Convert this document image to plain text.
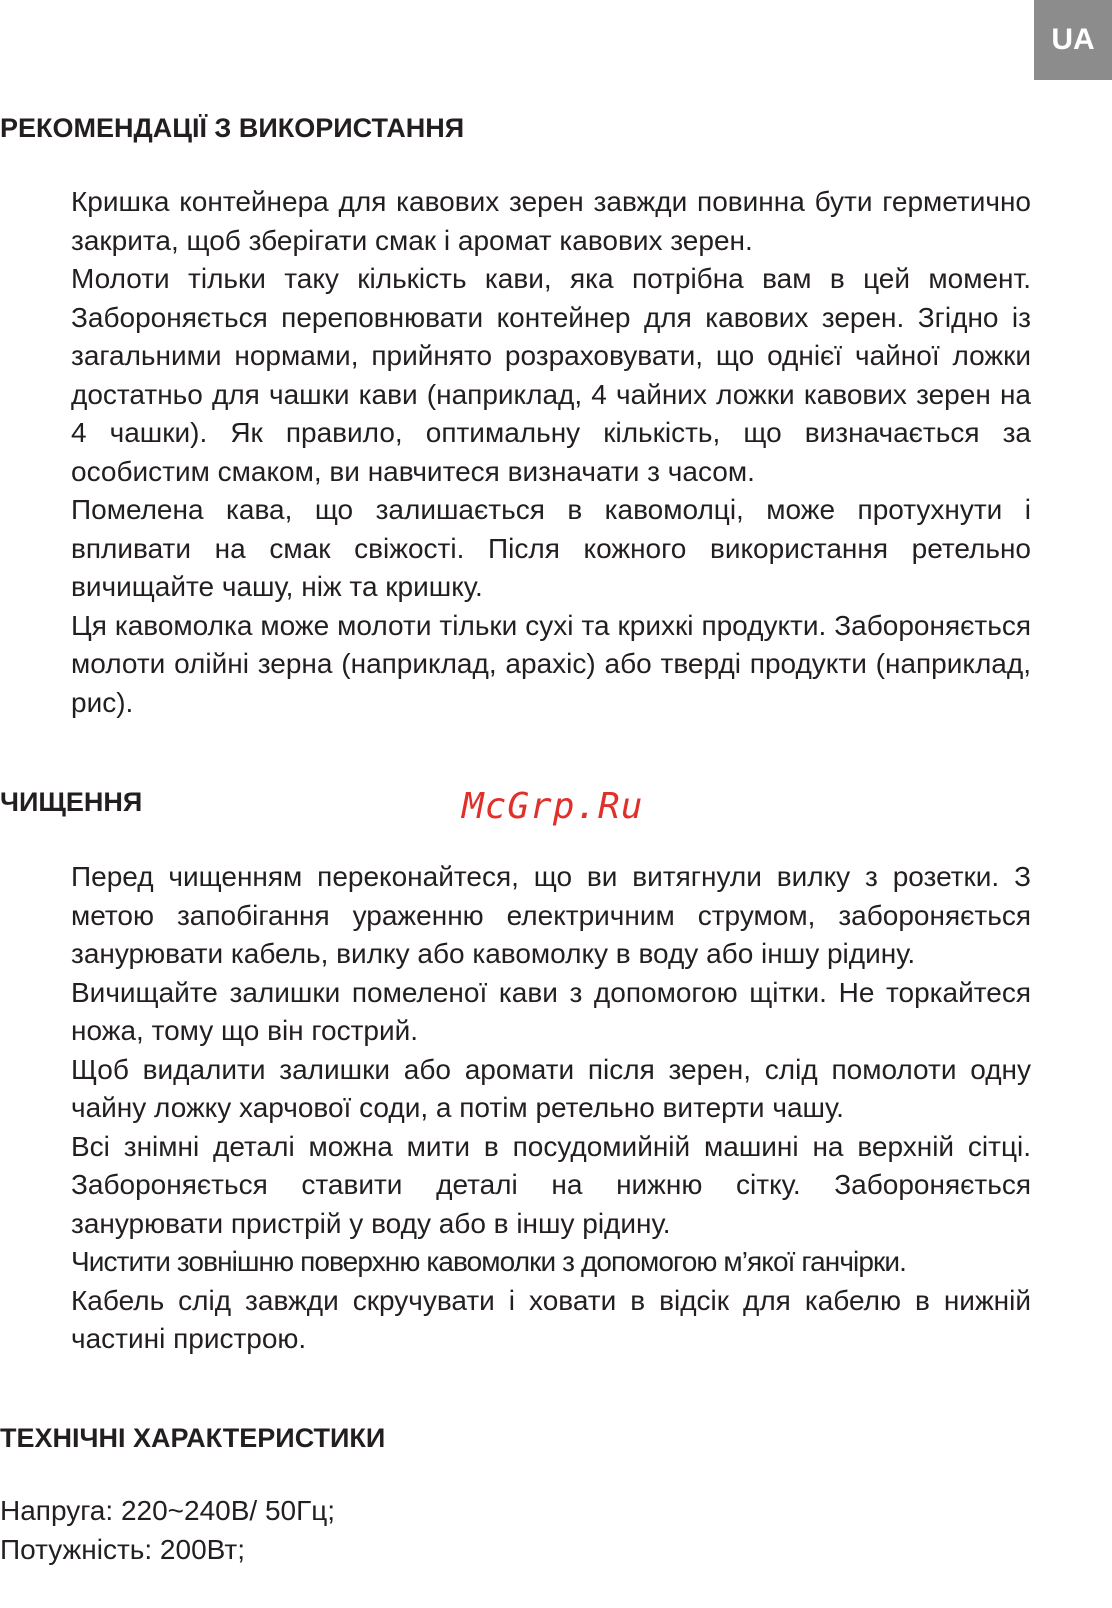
UA
РЕКОМЕНДАЦІЇ З ВИКОРИСТАННЯ

Кришка контейнера для кавових зерен завжди повинна бути герметично закрита, щоб зберігати смак і аромат кавових зерен.

Молоти тільки таку кількість кави, яка потрібна вам в цей момент. Забороняється переповнювати контейнер для кавових зерен. Згідно із загальними нормами, прийнято розраховувати, що однієї чайної ложки достатньо для чашки кави (наприклад, 4 чайних ложки кавових зерен на 4 чашки). Як правило, оптимальну кількість, що визначається за особистим смаком, ви навчитеся визначати з часом.

Помелена кава, що залишається в кавомолці, може протухнути і впливати на смак свіжості. Після кожного використання ретельно вичищайте чашу, ніж та кришку.

Ця кавомолка може молоти тільки сухі та крихкі продукти. Забороняється молоти олійні зерна (наприклад, арахіс) або тверді продукти (наприклад, рис).

ЧИЩЕННЯ	McGrp.Ru

Перед чищенням переконайтеся, що ви витягнули вилку з розетки. З метою запобігання ураженню електричним струмом, забороняється занурювати кабель, вилку або кавомолку в воду або іншу рідину.

Вичищайте залишки помеленої кави з допомогою щітки. Не торкайтеся ножа, тому що він гострий.

Щоб видалити залишки або аромати після зерен, слід помолоти одну чайну ложку харчової соди, а потім ретельно витерти чашу.

Всі знімні деталі можна мити в посудомийній машині на верхній сітці. Забороняється ставити деталі на нижню сітку. Забороняється занурювати пристрій у воду або в іншу рідину.

Чистити зовнішню поверхню кавомолки з допомогою м’якої ганчірки.

Кабель слід завжди скручувати і ховати в відсік для кабелю в нижній частині пристрою.

ТЕХНІЧНІ ХАРАКТЕРИСТИКИ
Напруга: 220~240В/ 50Гц;
Потужність: 200Вт;
